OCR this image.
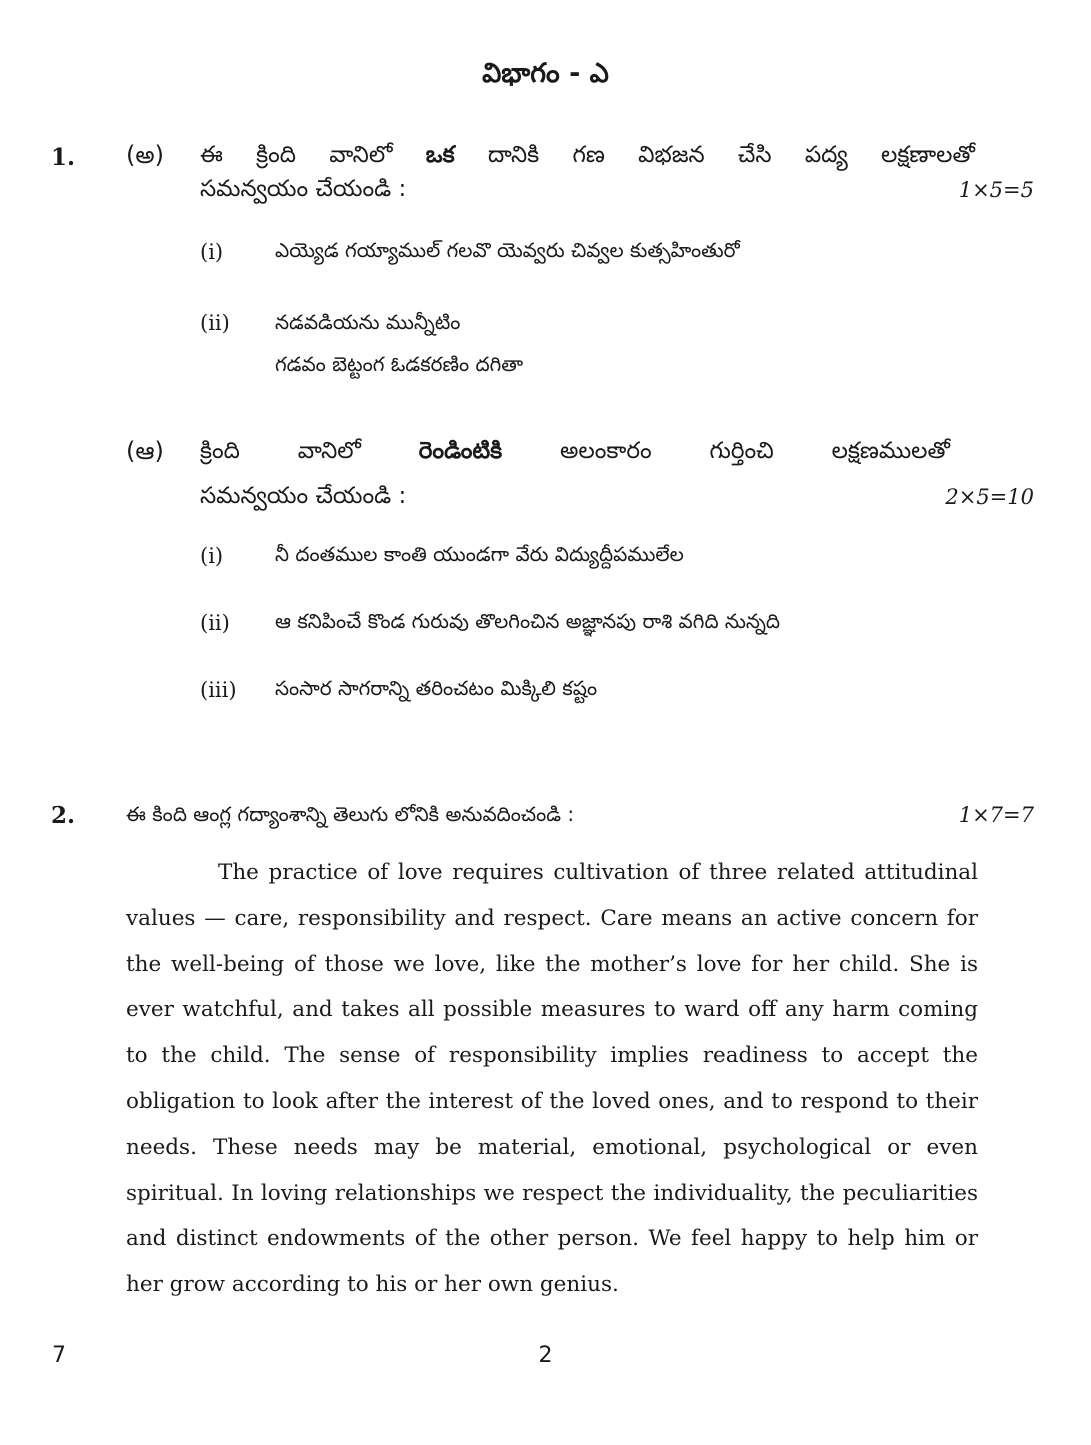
విభాగం - ఎ
1. (అ) ఈ క్రింది వానిలో ఒక దానికి గణ విభజన చేసి పద్య లక్షణాలతో
సమన్వయం చేయండి :	1×5=5
(i)	ఎయ్యెడ గయ్యాముల్ గలవొ యెవ్వరు చివ్వల కుత్సహింతురో
(ii) నడవడియను మున్నీటిం
గడవం బెట్టంగ ఓడకరణిం దగితా
(ఆ) క్రింది	వానిలో	రెండింటికి	అలంకారం	గుర్తించి	లక్షణములతో
సమన్వయం చేయండి :	2×5=10
(i)	నీ దంతముల కాంతి యుండగా వేరు విద్యుద్దీపములేల
(ii) ఆ కనిపించే కొండ గురువు తొలగించిన అజ్ఞానపు రాశి వగిది నున్నది
(iii) సంసార సాగరాన్ని తరించటం మిక్కిలి కష్టం
2.	ఈ కింది ఆంగ్ల గద్యాంశాన్ని తెలుగు లోనికి అనువదించండి :	1×7=7
The practice of love requires cultivation of three related attitudinal values — care, responsibility and respect. Care means an active concern for the well-being of those we love, like the mother’s love for her child. She is ever watchful, and takes all possible measures to ward off any harm coming to the child. The sense of responsibility implies readiness to accept the obligation to look after the interest of the loved ones, and to respond to their needs. These needs may be material, emotional, psychological or even spiritual. In loving relationships we respect the individuality, the peculiarities and distinct endowments of the other person. We feel happy to help him or her grow according to his or her own genius.
7	2
